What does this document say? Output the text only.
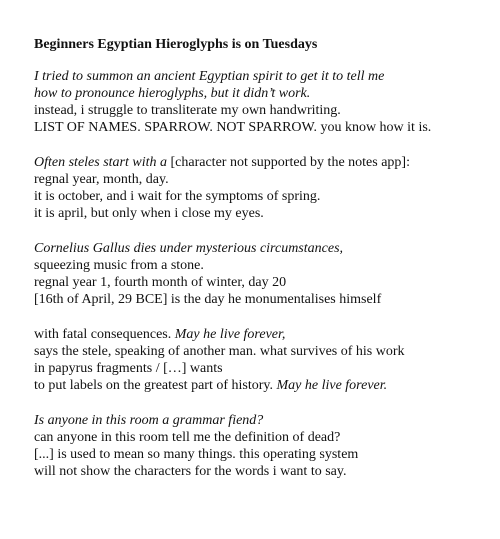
Beginners Egyptian Hieroglyphs is on Tuesdays
I tried to summon an ancient Egyptian spirit to get it to tell me
how to pronounce hieroglyphs, but it didn’t work.
instead, i struggle to transliterate my own handwriting.
LIST OF NAMES. SPARROW. NOT SPARROW. you know how it is.
Often steles start with a [character not supported by the notes app]:
regnal year, month, day.
it is october, and i wait for the symptoms of spring.
it is april, but only when i close my eyes.
Cornelius Gallus dies under mysterious circumstances,
squeezing music from a stone.
regnal year 1, fourth month of winter, day 20
[16th of April, 29 BCE] is the day he monumentalises himself
with fatal consequences. May he live forever,
says the stele, speaking of another man. what survives of his work
in papyrus fragments / […] wants
to put labels on the greatest part of history. May he live forever.
Is anyone in this room a grammar fiend?
can anyone in this room tell me the definition of dead?
[...] is used to mean so many things. this operating system
will not show the characters for the words i want to say.
